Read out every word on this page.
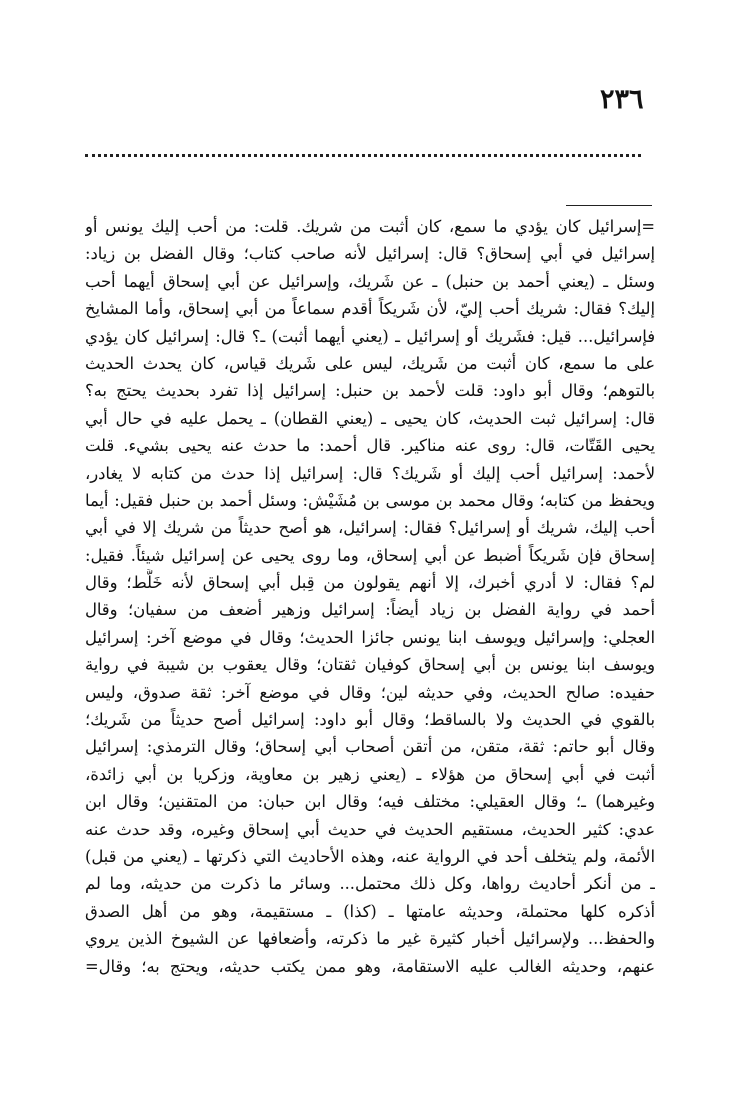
٢٣٦
=إسرائيل كان يؤدي ما سمع، كان أثبت من شريك. قلت: من أحب إليك يونس أو
إسرائيل في أبي إسحاق؟ قال: إسرائيل لأنه صاحب كتاب؛ وقال الفضل بن زياد:
وسئل ـ (يعني أحمد بن حنبل) ـ عن شَريك، وإسرائيل عن أبي إسحاق أيهما أحب
إليك؟ فقال: شريك أحب إليّ، لأن شَريكاً أقدم سماعاً من أبي إسحاق، وأما المشايخ
فإسرائيل... قيل: فشَريك أو إسرائيل ـ (يعني أيهما أثبت) ـ؟ قال: إسرائيل كان يؤدي
على ما سمع، كان أثبت من شَريك، ليس على شَريك قياس، كان يحدث الحديث
بالتوهم؛ وقال أبو داود: قلت لأحمد بن حنبل: إسرائيل إذا تفرد بحديث يحتج به؟
قال: إسرائيل ثبت الحديث، كان يحيى ـ (يعني القطان) ـ يحمل عليه في حال أبي
يحيى القَتّات، قال: روى عنه مناكير. قال أحمد: ما حدث عنه يحيى بشيء. قلت
لأحمد: إسرائيل أحب إليك أو شَريك؟ قال: إسرائيل إذا حدث من كتابه لا يغادر،
ويحفظ من كتابه؛ وقال محمد بن موسى بن مُشَيْش: وسئل أحمد بن حنبل فقيل: أيما
أحب إليك، شريك أو إسرائيل؟ فقال: إسرائيل، هو أصح حديثاً من شريك إلا في أبي
إسحاق فإن شَريكاً أضبط عن أبي إسحاق، وما روى يحيى عن إسرائيل شيئاً. فقيل:
لم؟ فقال: لا أدري أخبرك، إلا أنهم يقولون من قِبل أبي إسحاق لأنه خَلَّط؛ وقال
أحمد في رواية الفضل بن زياد أيضاً: إسرائيل وزهير أضعف من سفيان؛ وقال
العجلي: وإسرائيل ويوسف ابنا يونس جائزا الحديث؛ وقال في موضع آخر: إسرائيل
ويوسف ابنا يونس بن أبي إسحاق كوفيان ثقتان؛ وقال يعقوب بن شيبة في رواية
حفيده: صالح الحديث، وفي حديثه لين؛ وقال في موضع آخر: ثقة صدوق، وليس
بالقوي في الحديث ولا بالساقط؛ وقال أبو داود: إسرائيل أصح حديثاً من شَريك؛
وقال أبو حاتم: ثقة، متقن، من أتقن أصحاب أبي إسحاق؛ وقال الترمذي: إسرائيل
أثبت في أبي إسحاق من هؤلاء ـ (يعني زهير بن معاوية، وزكريا بن أبي زائدة،
وغيرهما) ـ؛ وقال العقيلي: مختلف فيه؛ وقال ابن حبان: من المتقنين؛ وقال ابن
عدي: كثير الحديث، مستقيم الحديث في حديث أبي إسحاق وغيره، وقد حدث عنه
الأئمة، ولم يتخلف أحد في الرواية عنه، وهذه الأحاديث التي ذكرتها ـ (يعني من قبل)
ـ من أنكر أحاديث رواها، وكل ذلك محتمل... وسائر ما ذكرت من حديثه، وما لم
أذكره كلها محتملة، وحديثه عامتها ـ (كذا) ـ مستقيمة، وهو من أهل الصدق
والحفظ... ولإسرائيل أخبار كثيرة غير ما ذكرته، وأضعافها عن الشيوخ الذين يروي
عنهم، وحديثه الغالب عليه الاستقامة، وهو ممن يكتب حديثه، ويحتج به؛ وقال=
